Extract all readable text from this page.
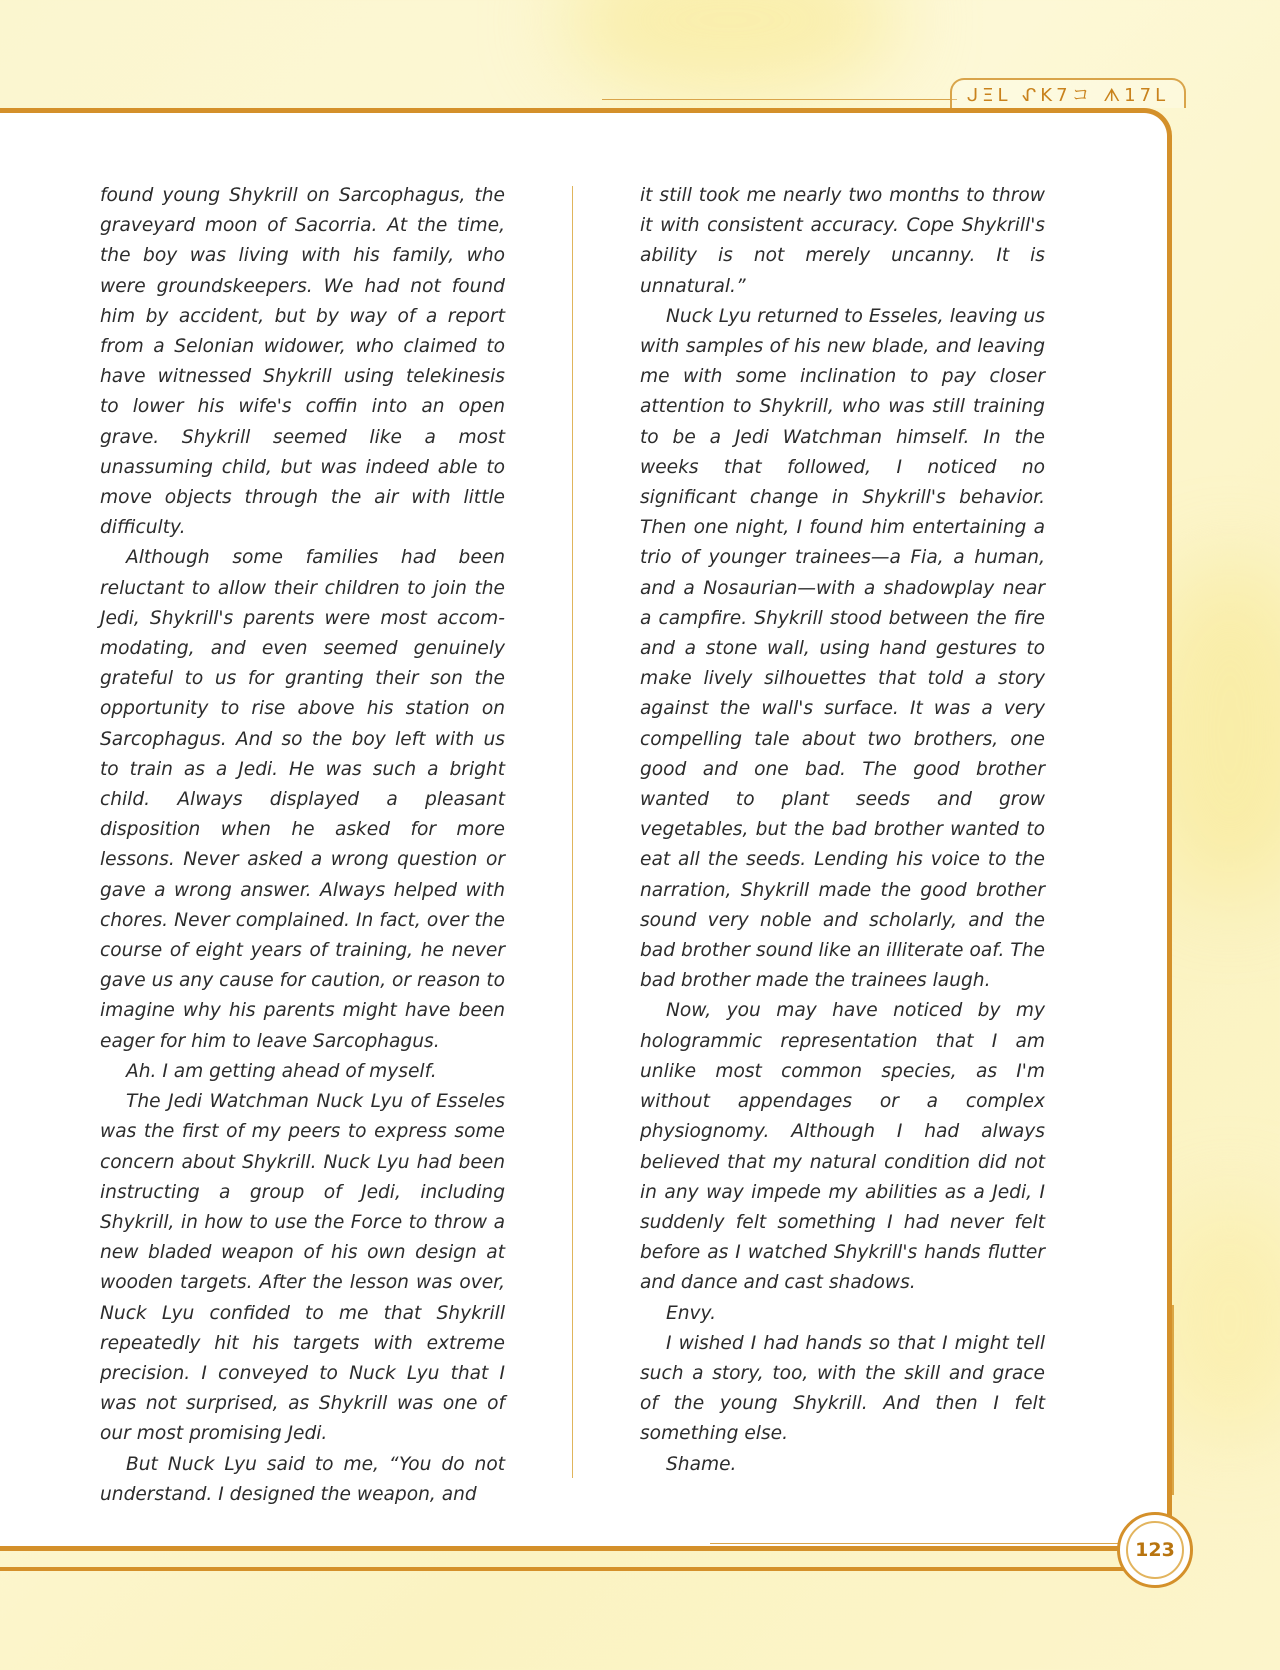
ᒍΞᒪ ᖋK7コ ᗑ17ᒪ

found young Shykrill on Sarcophagus, the graveyard moon of Sacorria. At the time, the boy was living with his family, who were groundskeepers. We had not found him by accident, but by way of a report from a Selonian widower, who claimed to have witnessed Shykrill using telekinesis to lower his wife's coffin into an open grave. Shykrill seemed like a most unassuming child, but was indeed able to move objects through the air with little difficulty.

Although some families had been reluctant to allow their children to join the Jedi, Shykrill's parents were most accom-modating, and even seemed genuinely grateful to us for granting their son the opportunity to rise above his station on Sarcophagus. And so the boy left with us to train as a Jedi. He was such a bright child. Always displayed a pleasant disposition when he asked for more lessons. Never asked a wrong question or gave a wrong answer. Always helped with chores. Never complained. In fact, over the course of eight years of training, he never gave us any cause for caution, or reason to imagine why his parents might have been eager for him to leave Sarcophagus.

Ah. I am getting ahead of myself.

The Jedi Watchman Nuck Lyu of Esseles was the first of my peers to express some concern about Shykrill. Nuck Lyu had been instructing a group of Jedi, including Shykrill, in how to use the Force to throw a new bladed weapon of his own design at wooden targets. After the lesson was over, Nuck Lyu confided to me that Shykrill repeatedly hit his targets with extreme precision. I conveyed to Nuck Lyu that I was not surprised, as Shykrill was one of our most promising Jedi.

But Nuck Lyu said to me, “You do not understand. I designed the weapon, and

it still took me nearly two months to throw it with consistent accuracy. Cope Shykrill's ability is not merely uncanny. It is unnatural.”

Nuck Lyu returned to Esseles, leaving us with samples of his new blade, and leaving me with some inclination to pay closer attention to Shykrill, who was still training to be a Jedi Watchman himself. In the weeks that followed, I noticed no significant change in Shykrill's behavior. Then one night, I found him entertaining a trio of younger trainees—a Fia, a human, and a Nosaurian—with a shadowplay near a campfire. Shykrill stood between the fire and a stone wall, using hand gestures to make lively silhouettes that told a story against the wall's surface. It was a very compelling tale about two brothers, one good and one bad. The good brother wanted to plant seeds and grow vegetables, but the bad brother wanted to eat all the seeds. Lending his voice to the narration, Shykrill made the good brother sound very noble and scholarly, and the bad brother sound like an illiterate oaf. The bad brother made the trainees laugh.

Now, you may have noticed by my hologrammic representation that I am unlike most common species, as I'm without appendages or a complex physiognomy. Although I had always believed that my natural condition did not in any way impede my abilities as a Jedi, I suddenly felt something I had never felt before as I watched Shykrill's hands flutter and dance and cast shadows.

Envy.

I wished I had hands so that I might tell such a story, too, with the skill and grace of the young Shykrill. And then I felt something else.

Shame.

123
